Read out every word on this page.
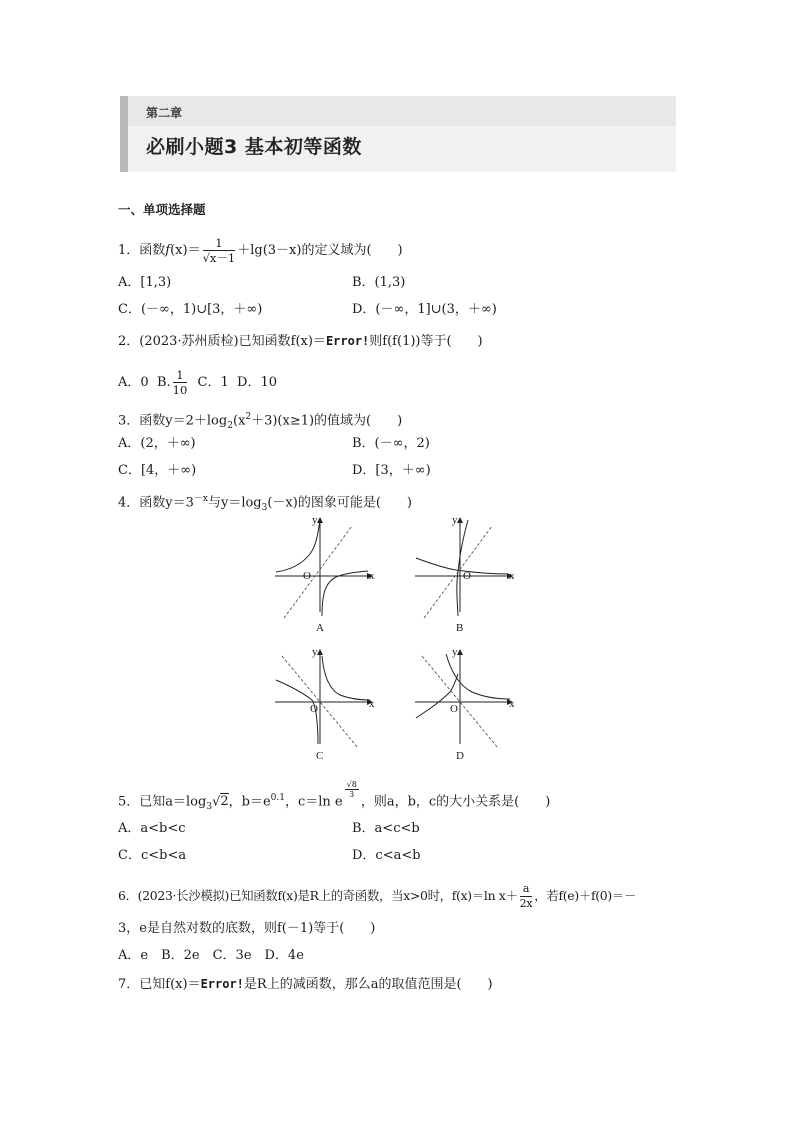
第二章
必刷小题3 基本初等函数
一、单项选择题
1．函数$f(x)= \frac{1}{√x-1} +\lg(3-x)$的定义域为(　　)
A．[1,3)	B．(1,3)
C．(－∞，1)∪[3，＋∞)	D．(－∞，1]∪(3，＋∞)
2．(2023·苏州质检)已知函数f(x)＝Error!则f(f(1))等于(　　)
A．0 B. $\frac{1}{10}$ C．1 D．10
3．函数$y=2+\log_2(x^2+3)(x\ge 1)$的值域为(　　)
A．(2，＋∞)	B．(－∞，2)
C．[4，＋∞)	D．[3，＋∞)
4．函数$y=3^{-x}$与$y=\log_3(-x)$的图象可能是(　　)
y
x
O
A
y
x
O
B
y
x
O
C
y
x
O
D
5．已知$a=\log_3√2$，$b=e^{0.1}$，c＝ln e
$\frac{√8}{3}$
，则a，b，c的大小关系是(　　)
A．a<b<c	B．a<c<b
C．c<b<a	D．c<a<b
6．(2023·长沙模拟)已知函数f(x)是R上的奇函数，当x>0时，f(x)＝ln $x+ \frac{a}{2x}$ ，若f(e)＋f(0)＝－
3，e是自然对数的底数，则f(－1)等于(　　)
A．e　B．2e　C．3e　D．4e
7．已知f(x)＝Error!是R上的减函数，那么a的取值范围是(　　)
